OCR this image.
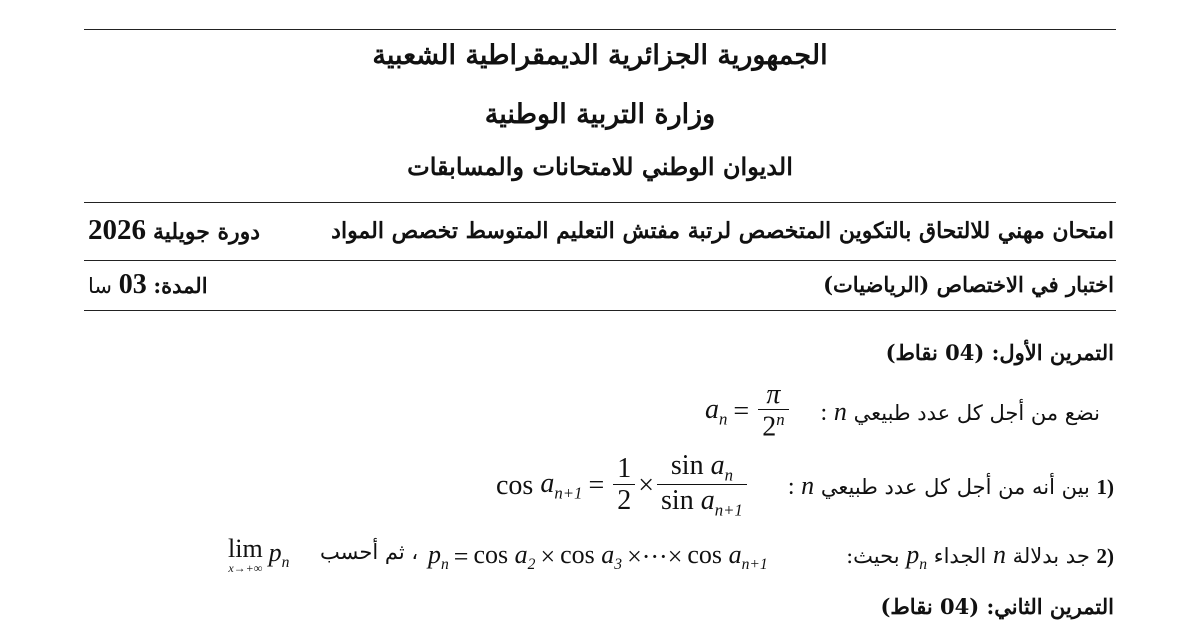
الجمهورية الجزائرية الديمقراطية الشعبية
وزارة التربية الوطنية
الديوان الوطني للامتحانات والمسابقات
امتحان مهني للالتحاق بالتكوين المتخصص لرتبة مفتش التعليم المتوسط تخصص المواد
دورة جويلية 2026
اختبار في الاختصاص (الرياضيات)
المدة: 03 سا
التمرين الأول: (04 نقاط)
نضع من أجل كل عدد طبيعي n :
$a_n = \frac{\pi}{2^n}$
1) بين أنه من أجل كل عدد طبيعي n :
$\cos a_{n+1} = \frac{1}{2} \times \frac{\sin a_n}{\sin a_{n+1}}$
2) جد بدلالة n الجداء $p_n$ بحيث:
$p_n = \cos a_2 \times \cos a_3$ ×···× $\cos a_{n+1}$
، ثم أحسب
lim
x→+∞
$p_n$
التمرين الثاني: (04 نقاط)
